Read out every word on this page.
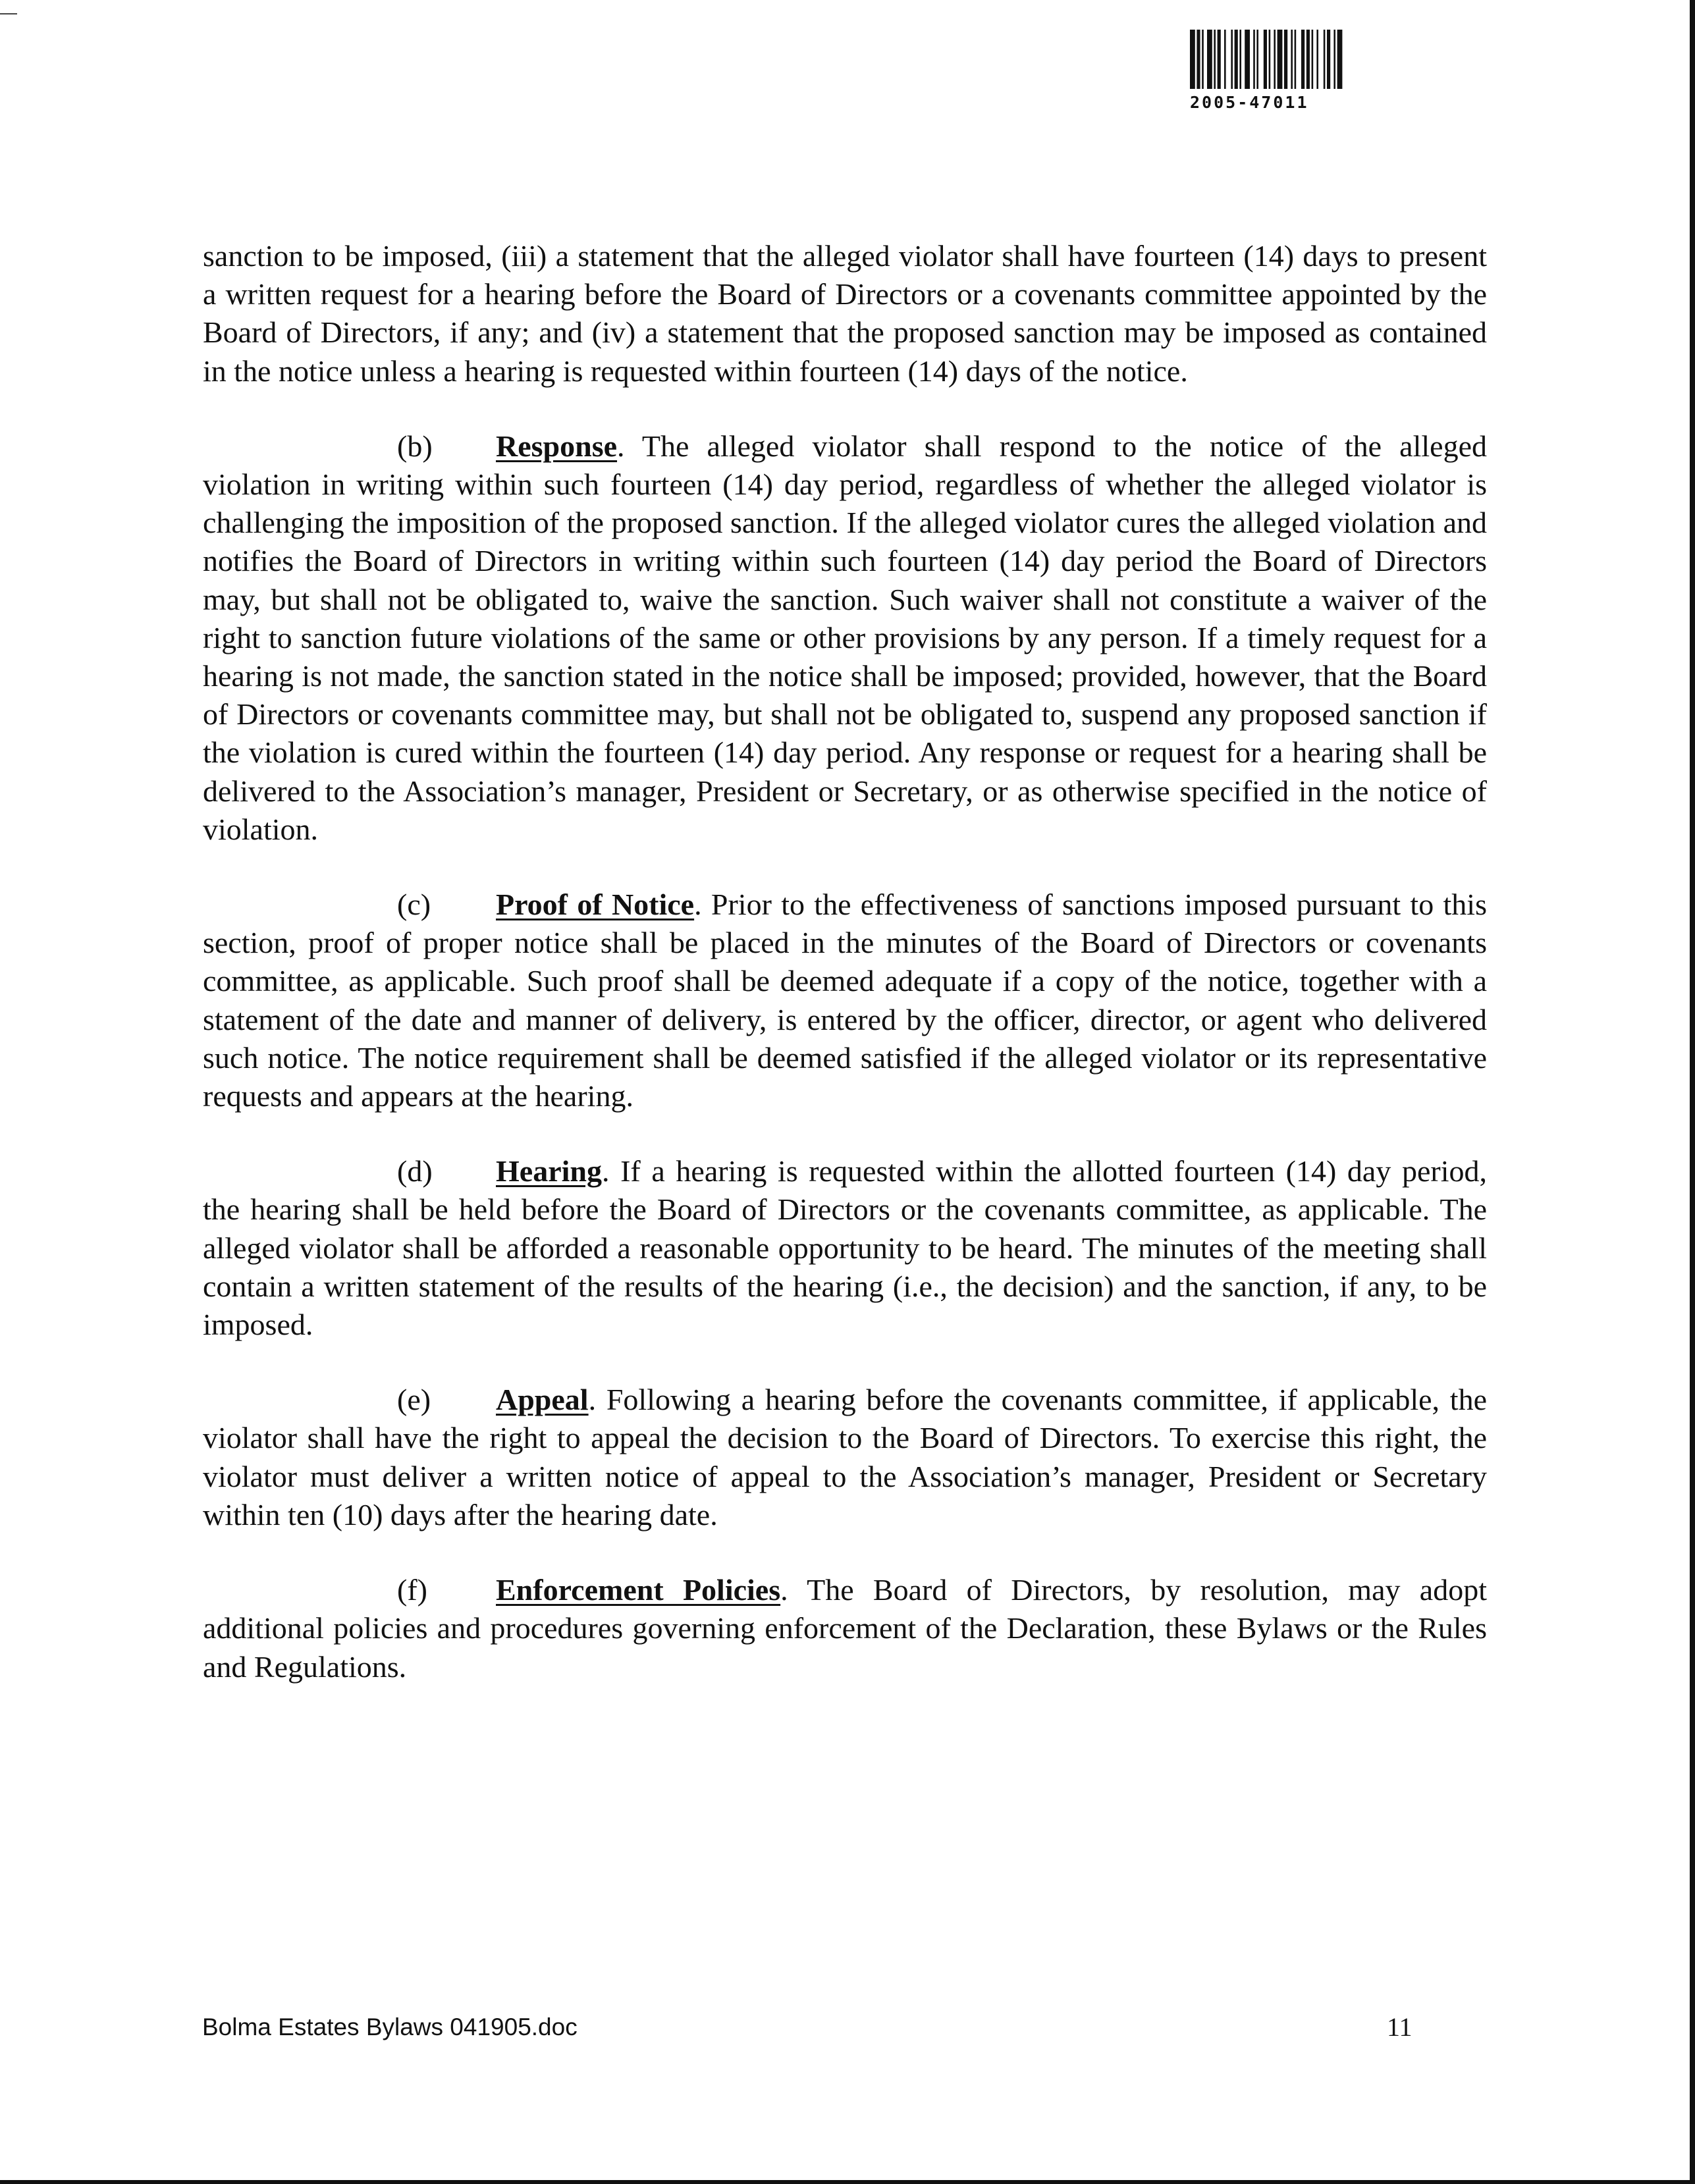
2005-47011

sanction to be imposed, (iii) a statement that the alleged violator shall have fourteen (14) days to present a written request for a hearing before the Board of Directors or a covenants committee appointed by the Board of Directors, if any; and (iv) a statement that the proposed sanction may be imposed as contained in the notice unless a hearing is requested within fourteen (14) days of the notice.

(b) Response. The alleged violator shall respond to the notice of the alleged violation in writing within such fourteen (14) day period, regardless of whether the alleged violator is challenging the imposition of the proposed sanction. If the alleged violator cures the alleged violation and notifies the Board of Directors in writing within such fourteen (14) day period the Board of Directors may, but shall not be obligated to, waive the sanction. Such waiver shall not constitute a waiver of the right to sanction future violations of the same or other provisions by any person. If a timely request for a hearing is not made, the sanction stated in the notice shall be imposed; provided, however, that the Board of Directors or covenants committee may, but shall not be obligated to, suspend any proposed sanction if the violation is cured within the fourteen (14) day period. Any response or request for a hearing shall be delivered to the Association’s manager, President or Secretary, or as otherwise specified in the notice of violation.

(c) Proof of Notice. Prior to the effectiveness of sanctions imposed pursuant to this section, proof of proper notice shall be placed in the minutes of the Board of Directors or covenants committee, as applicable. Such proof shall be deemed adequate if a copy of the notice, together with a statement of the date and manner of delivery, is entered by the officer, director, or agent who delivered such notice. The notice requirement shall be deemed satisfied if the alleged violator or its representative requests and appears at the hearing.

(d) Hearing. If a hearing is requested within the allotted fourteen (14) day period, the hearing shall be held before the Board of Directors or the covenants committee, as applicable. The alleged violator shall be afforded a reasonable opportunity to be heard. The minutes of the meeting shall contain a written statement of the results of the hearing (i.e., the decision) and the sanction, if any, to be imposed.

(e) Appeal. Following a hearing before the covenants committee, if applicable, the violator shall have the right to appeal the decision to the Board of Directors. To exercise this right, the violator must deliver a written notice of appeal to the Association’s manager, President or Secretary within ten (10) days after the hearing date.

(f) Enforcement Policies. The Board of Directors, by resolution, may adopt additional policies and procedures governing enforcement of the Declaration, these Bylaws or the Rules and Regulations.

Bolma Estates Bylaws 041905.doc	11
